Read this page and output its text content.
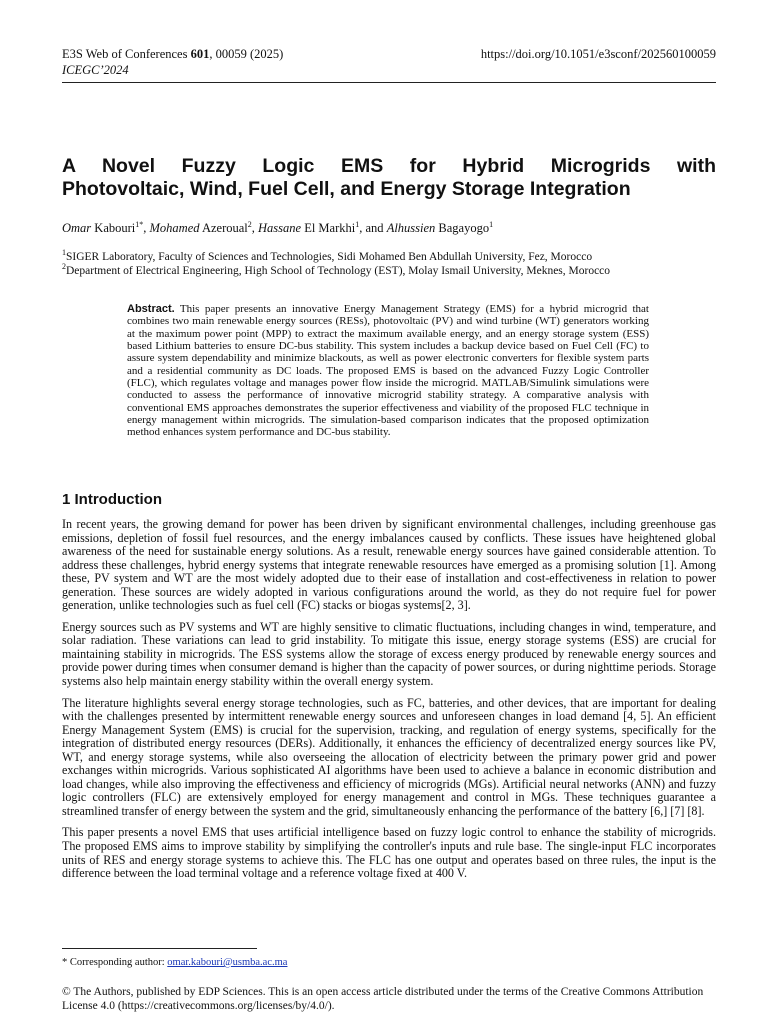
E3S Web of Conferences 601, 00059 (2025)	https://doi.org/10.1051/e3sconf/202560100059
ICEGC’2024
A Novel Fuzzy Logic EMS for Hybrid Microgrids with
Photovoltaic, Wind, Fuel Cell, and Energy Storage Integration
Omar Kabouri$^{1*}$, Mohamed Azeroual$^2$, Hassane El Markhi$^1$, and Alhussien Bagayogo$^1$
$^1$SIGER Laboratory, Faculty of Sciences and Technologies, Sidi Mohamed Ben Abdullah University, Fez, Morocco
$^2$Department of Electrical Engineering, High School of Technology (EST), Molay Ismail University, Meknes, Morocco
Abstract. This paper presents an innovative Energy Management Strategy (EMS) for a hybrid microgrid that combines two main renewable energy sources (RESs), photovoltaic (PV) and wind turbine (WT) generators working at the maximum power point (MPP) to extract the maximum available energy, and an energy storage system (ESS) based Lithium batteries to ensure DC-bus stability. This system includes a backup device based on Fuel Cell (FC) to assure system dependability and minimize blackouts, as well as power electronic converters for flexible system parts and a residential community as DC loads. The proposed EMS is based on the advanced Fuzzy Logic Controller (FLC), which regulates voltage and manages power flow inside the microgrid. MATLAB/Simulink simulations were conducted to assess the performance of innovative microgrid stability strategy. A comparative analysis with conventional EMS approaches demonstrates the superior effectiveness and viability of the proposed FLC technique in energy management within microgrids. The simulation-based comparison indicates that the proposed optimization method enhances system performance and DC-bus stability.
1 Introduction

In recent years, the growing demand for power has been driven by significant environmental challenges, including greenhouse gas emissions, depletion of fossil fuel resources, and the energy imbalances caused by conflicts. These issues have heightened global awareness of the need for sustainable energy solutions. As a result, renewable energy sources have gained considerable attention. To address these challenges, hybrid energy systems that integrate renewable resources have emerged as a promising solution [1]. Among these, PV system and WT are the most widely adopted due to their ease of installation and cost-effectiveness in relation to power generation. These sources are widely adopted in various configurations around the world, as they do not require fuel for power generation, unlike technologies such as fuel cell (FC) stacks or biogas systems[2, 3].

Energy sources such as PV systems and WT are highly sensitive to climatic fluctuations, including changes in wind, temperature, and solar radiation. These variations can lead to grid instability. To mitigate this issue, energy storage systems (ESS) are crucial for maintaining stability in microgrids. The ESS systems allow the storage of excess energy produced by renewable energy sources and provide power during times when consumer demand is higher than the capacity of power sources, or during nighttime periods. Storage systems also help maintain energy stability within the overall energy system.

The literature highlights several energy storage technologies, such as FC, batteries, and other devices, that are important for dealing with the challenges presented by intermittent renewable energy sources and unforeseen changes in load demand [4, 5]. An efficient Energy Management System (EMS) is crucial for the supervision, tracking, and regulation of energy systems, specifically for the integration of distributed energy resources (DERs). Additionally, it enhances the efficiency of decentralized energy sources like PV, WT, and energy storage systems, while also overseeing the allocation of electricity between the primary power grid and power exchanges within microgrids. Various sophisticated AI algorithms have been used to achieve a balance in economic distribution and load changes, while also improving the effectiveness and efficiency of microgrids (MGs). Artificial neural networks (ANN) and fuzzy logic controllers (FLC) are extensively employed for energy management and control in MGs. These techniques guarantee a streamlined transfer of energy between the system and the grid, simultaneously enhancing the performance of the battery [6,] [7] [8].

This paper presents a novel EMS that uses artificial intelligence based on fuzzy logic control to enhance the stability of microgrids. The proposed EMS aims to improve stability by simplifying the controller's inputs and rule base. The single-input FLC incorporates units of RES and energy storage systems to achieve this. The FLC has one output and operates based on three rules, the input is the difference between the load terminal voltage and a reference voltage fixed at 400 V.

* Corresponding author: omar.kabouri@usmba.ac.ma
© The Authors, published by EDP Sciences. This is an open access article distributed under the terms of the Creative Commons Attribution License 4.0 (https://creativecommons.org/licenses/by/4.0/).
